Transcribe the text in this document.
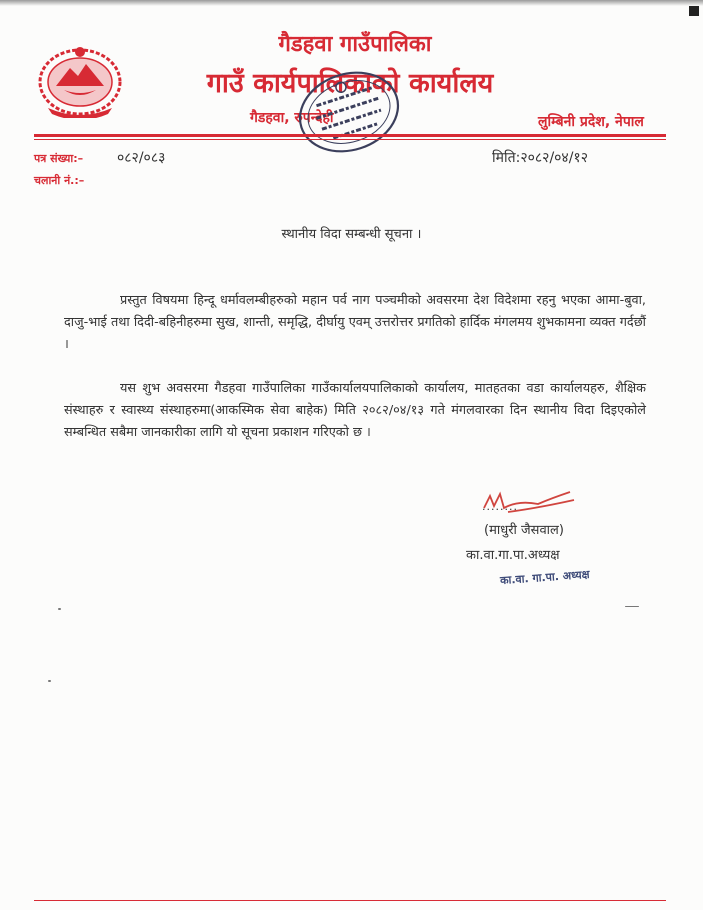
गैडहवा गाउँपालिका
गाउँ कार्यपालिकाको कार्यालय
गैडहवा, रुपन्देही	लुम्बिनी प्रदेश, नेपाल
पत्र संख्या:– ०८२/०८३
चलानी नं.:–
मिति:२०८२/०४/१२
स्थानीय विदा सम्बन्धी सूचना ।
प्रस्तुत विषयमा हिन्दू धर्मावलम्बीहरुको महान पर्व नाग पञ्चमीको अवसरमा देश विदेशमा रहनु भएका आमा-बुवा, दाजु-भाई तथा दिदी-बहिनीहरुमा सुख, शान्ती, समृद्धि, दीर्घायु एवम् उत्तरोत्तर प्रगतिको हार्दिक मंगलमय शुभकामना व्यक्त गर्दछौं ।
यस शुभ अवसरमा गैडहवा गाउँपालिका गाउँकार्यालयपालिकाको कार्यालय, मातहतका वडा कार्यालयहरु, शैक्षिक संस्थाहरु र स्वास्थ्य संस्थाहरुमा(आकस्मिक सेवा बाहेक) मिति २०८२/०४/१३ गते मंगलवारका दिन स्थानीय विदा दिइएकोले सम्बन्धित सबैमा जानकारीका लागि यो सूचना प्रकाशन गरिएको छ ।
........
(माधुरी जैसवाल)
का.वा.गा.पा.अध्यक्ष
का.वा. गा.पा. अध्यक्ष
